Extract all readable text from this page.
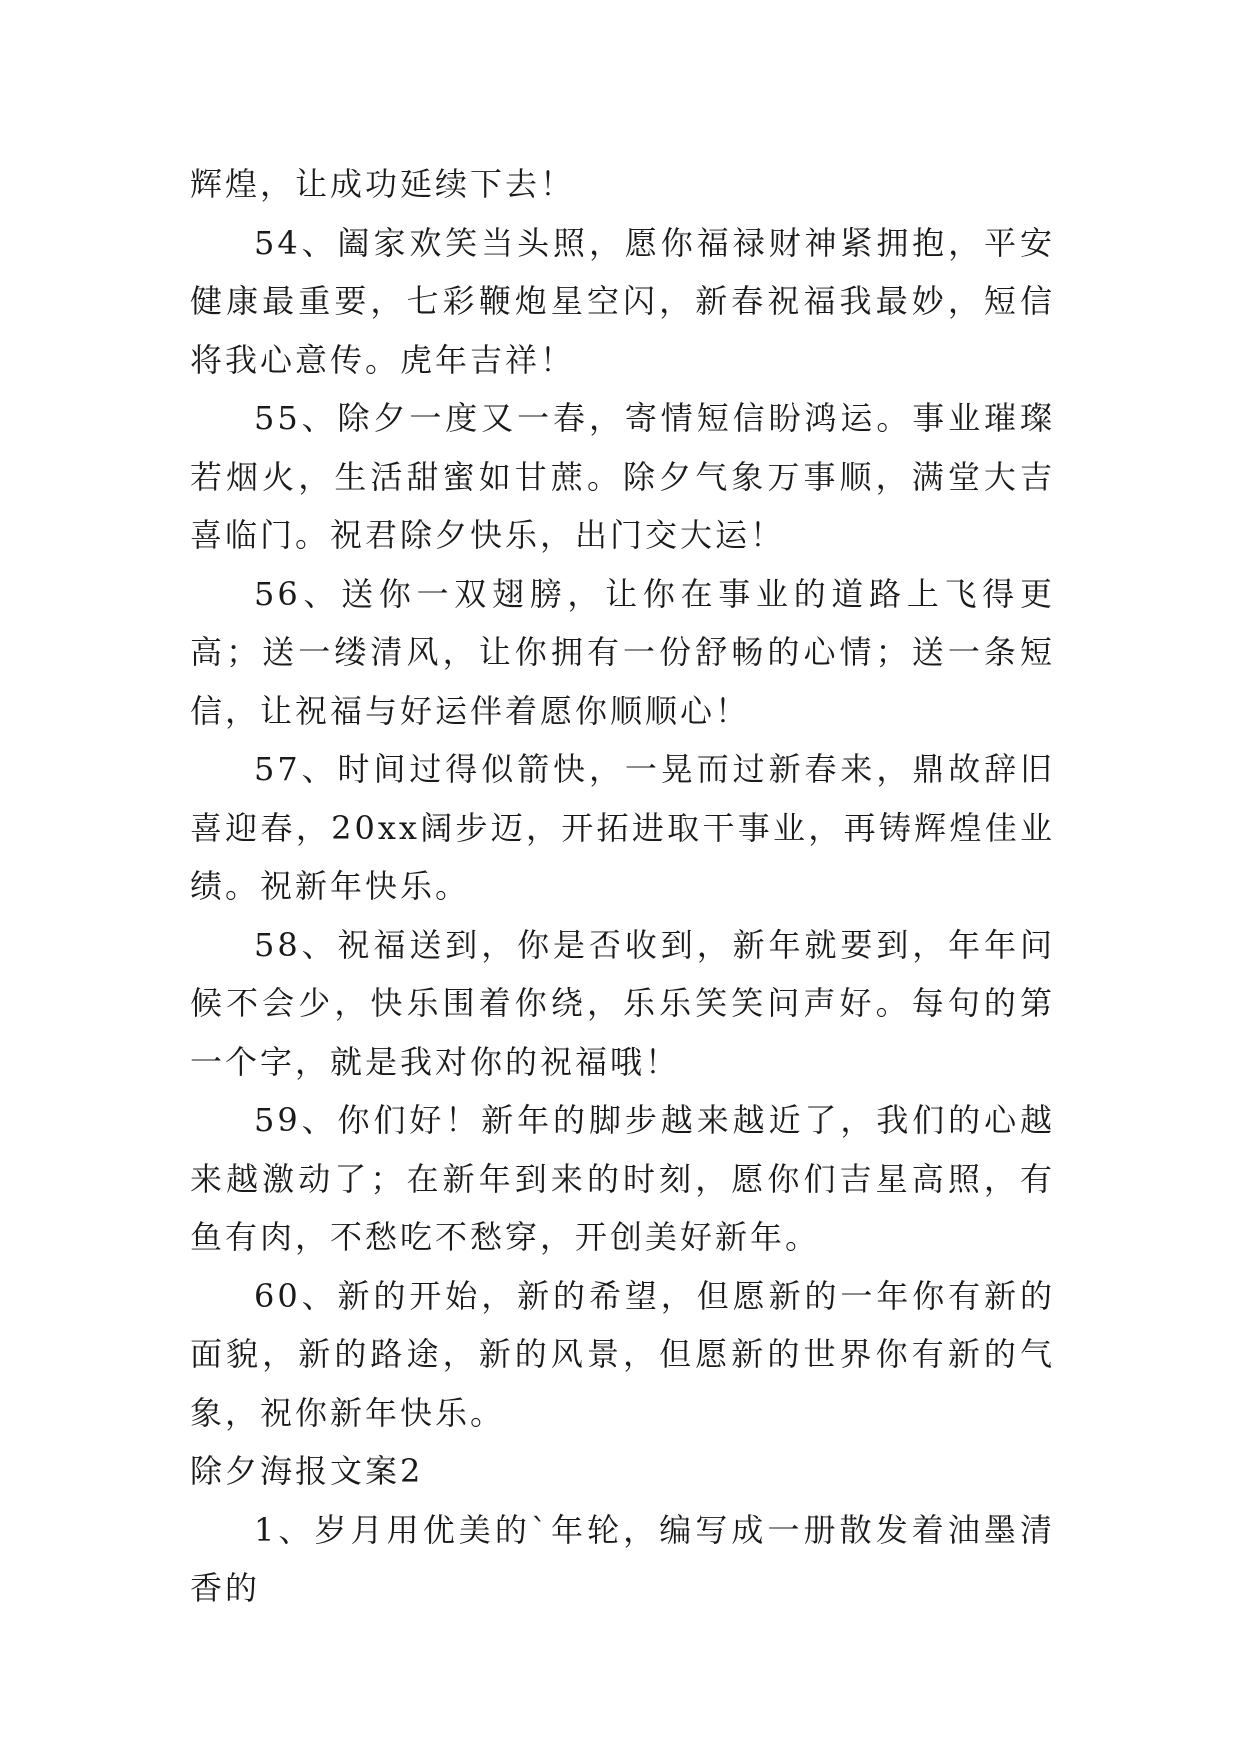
辉煌，让成功延续下去！

54、阖家欢笑当头照，愿你福禄财神紧拥抱，平安健康最重要，七彩鞭炮星空闪，新春祝福我最妙，短信将我心意传。虎年吉祥！

55、除夕一度又一春，寄情短信盼鸿运。事业璀璨若烟火，生活甜蜜如甘蔗。除夕气象万事顺，满堂大吉喜临门。祝君除夕快乐，出门交大运！

56、送你一双翅膀，让你在事业的道路上飞得更高；送一缕清风，让你拥有一份舒畅的心情；送一条短信，让祝福与好运伴着愿你顺顺心！

57、时间过得似箭快，一晃而过新春来，鼎故辞旧喜迎春，20xx阔步迈，开拓进取干事业，再铸辉煌佳业绩。祝新年快乐。

58、祝福送到，你是否收到，新年就要到，年年问候不会少，快乐围着你绕，乐乐笑笑问声好。每句的第一个字，就是我对你的祝福哦！

59、你们好！新年的脚步越来越近了，我们的心越来越激动了；在新年到来的时刻，愿你们吉星高照，有鱼有肉，不愁吃不愁穿，开创美好新年。

60、新的开始，新的希望，但愿新的一年你有新的面貌，新的路途，新的风景，但愿新的世界你有新的气象，祝你新年快乐。

除夕海报文案2

1、岁月用优美的`年轮，编写成一册散发着油墨清香的
